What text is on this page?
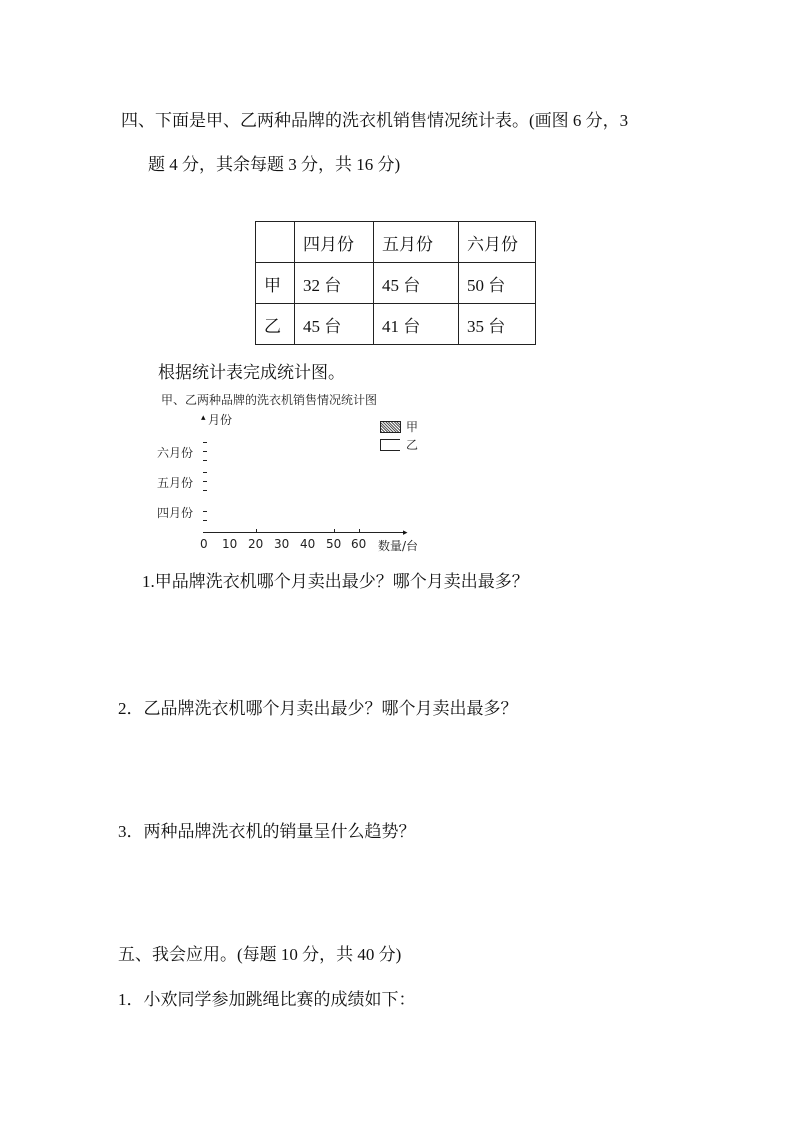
四、下面是甲、乙两种品牌的洗衣机销售情况统计表。(画图 6 分，3
题 4 分，其余每题 3 分，共 16 分)
	四月份	五月份	六月份
甲	32 台	45 台	50 台
乙	45 台	41 台	35 台
根据统计表完成统计图。
甲、乙两种品牌的洗衣机销售情况统计图
▴ 月份
六月份
五月份
四月份
▸
0 10 20 30 40 50 60 数量/台
甲
乙
1.甲品牌洗衣机哪个月卖出最少？哪个月卖出最多？
2．乙品牌洗衣机哪个月卖出最少？哪个月卖出最多？
3．两种品牌洗衣机的销量呈什么趋势？
五、我会应用。(每题 10 分，共 40 分)
1．小欢同学参加跳绳比赛的成绩如下：
